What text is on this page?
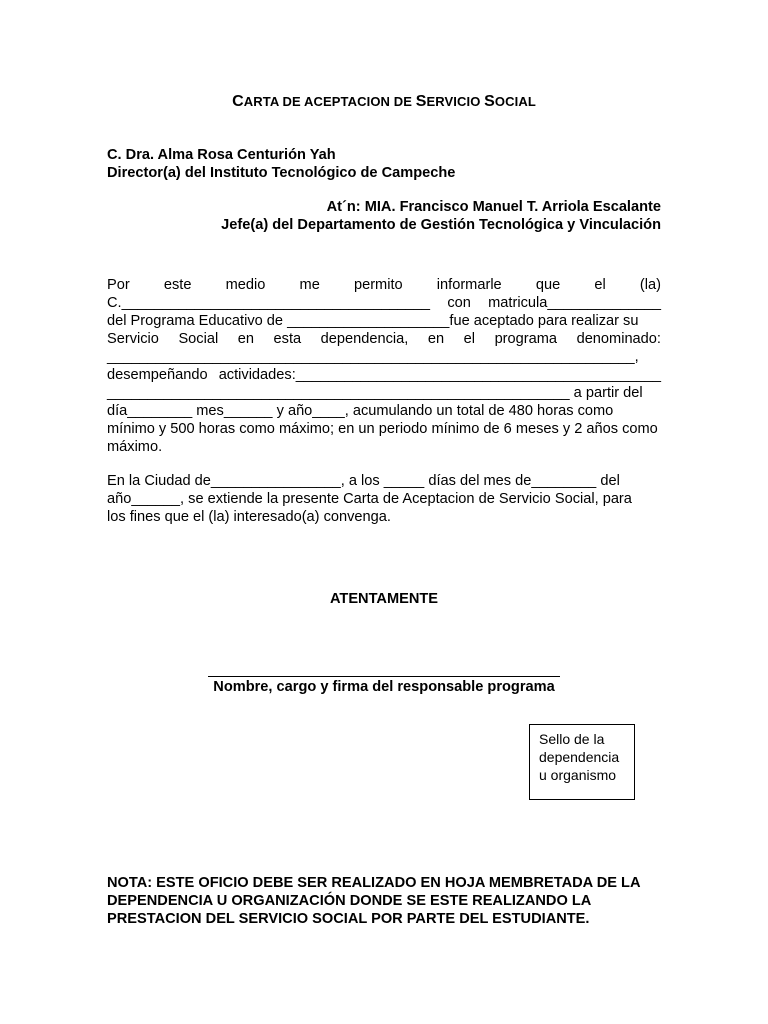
CARTA DE ACEPTACION DE SERVICIO SOCIAL
C. Dra. Alma Rosa Centurión Yah
Director(a) del Instituto Tecnológico de Campeche
At´n: MIA. Francisco Manuel T. Arriola Escalante
Jefe(a) del Departamento de Gestión Tecnológica y Vinculación
Por este medio me permito informarle que el (la)
C.______________________________________ con matricula______________
del Programa Educativo de ____________________fue aceptado para realizar su
Servicio Social en esta dependencia, en el programa denominado:
_________________________________________________________________,
desempeñando actividades:_____________________________________________
_________________________________________________________ a partir del
día________ mes______ y año____, acumulando un total de 480 horas como
mínimo y 500 horas como máximo; en un periodo mínimo de 6 meses y 2 años como
máximo.
En la Ciudad de________________, a los _____ días del mes de________ del
año______, se extiende la presente Carta de Aceptacion de Servicio Social, para
los fines que el (la) interesado(a) convenga.
ATENTAMENTE
Nombre, cargo y firma del responsable programa
NOTA: ESTE OFICIO DEBE SER REALIZADO EN HOJA MEMBRETADA DE LA DEPENDENCIA U ORGANIZACIÓN DONDE SE ESTE REALIZANDO LA PRESTACION DEL SERVICIO SOCIAL POR PARTE DEL ESTUDIANTE.
Sello de la
dependencia
u organismo
